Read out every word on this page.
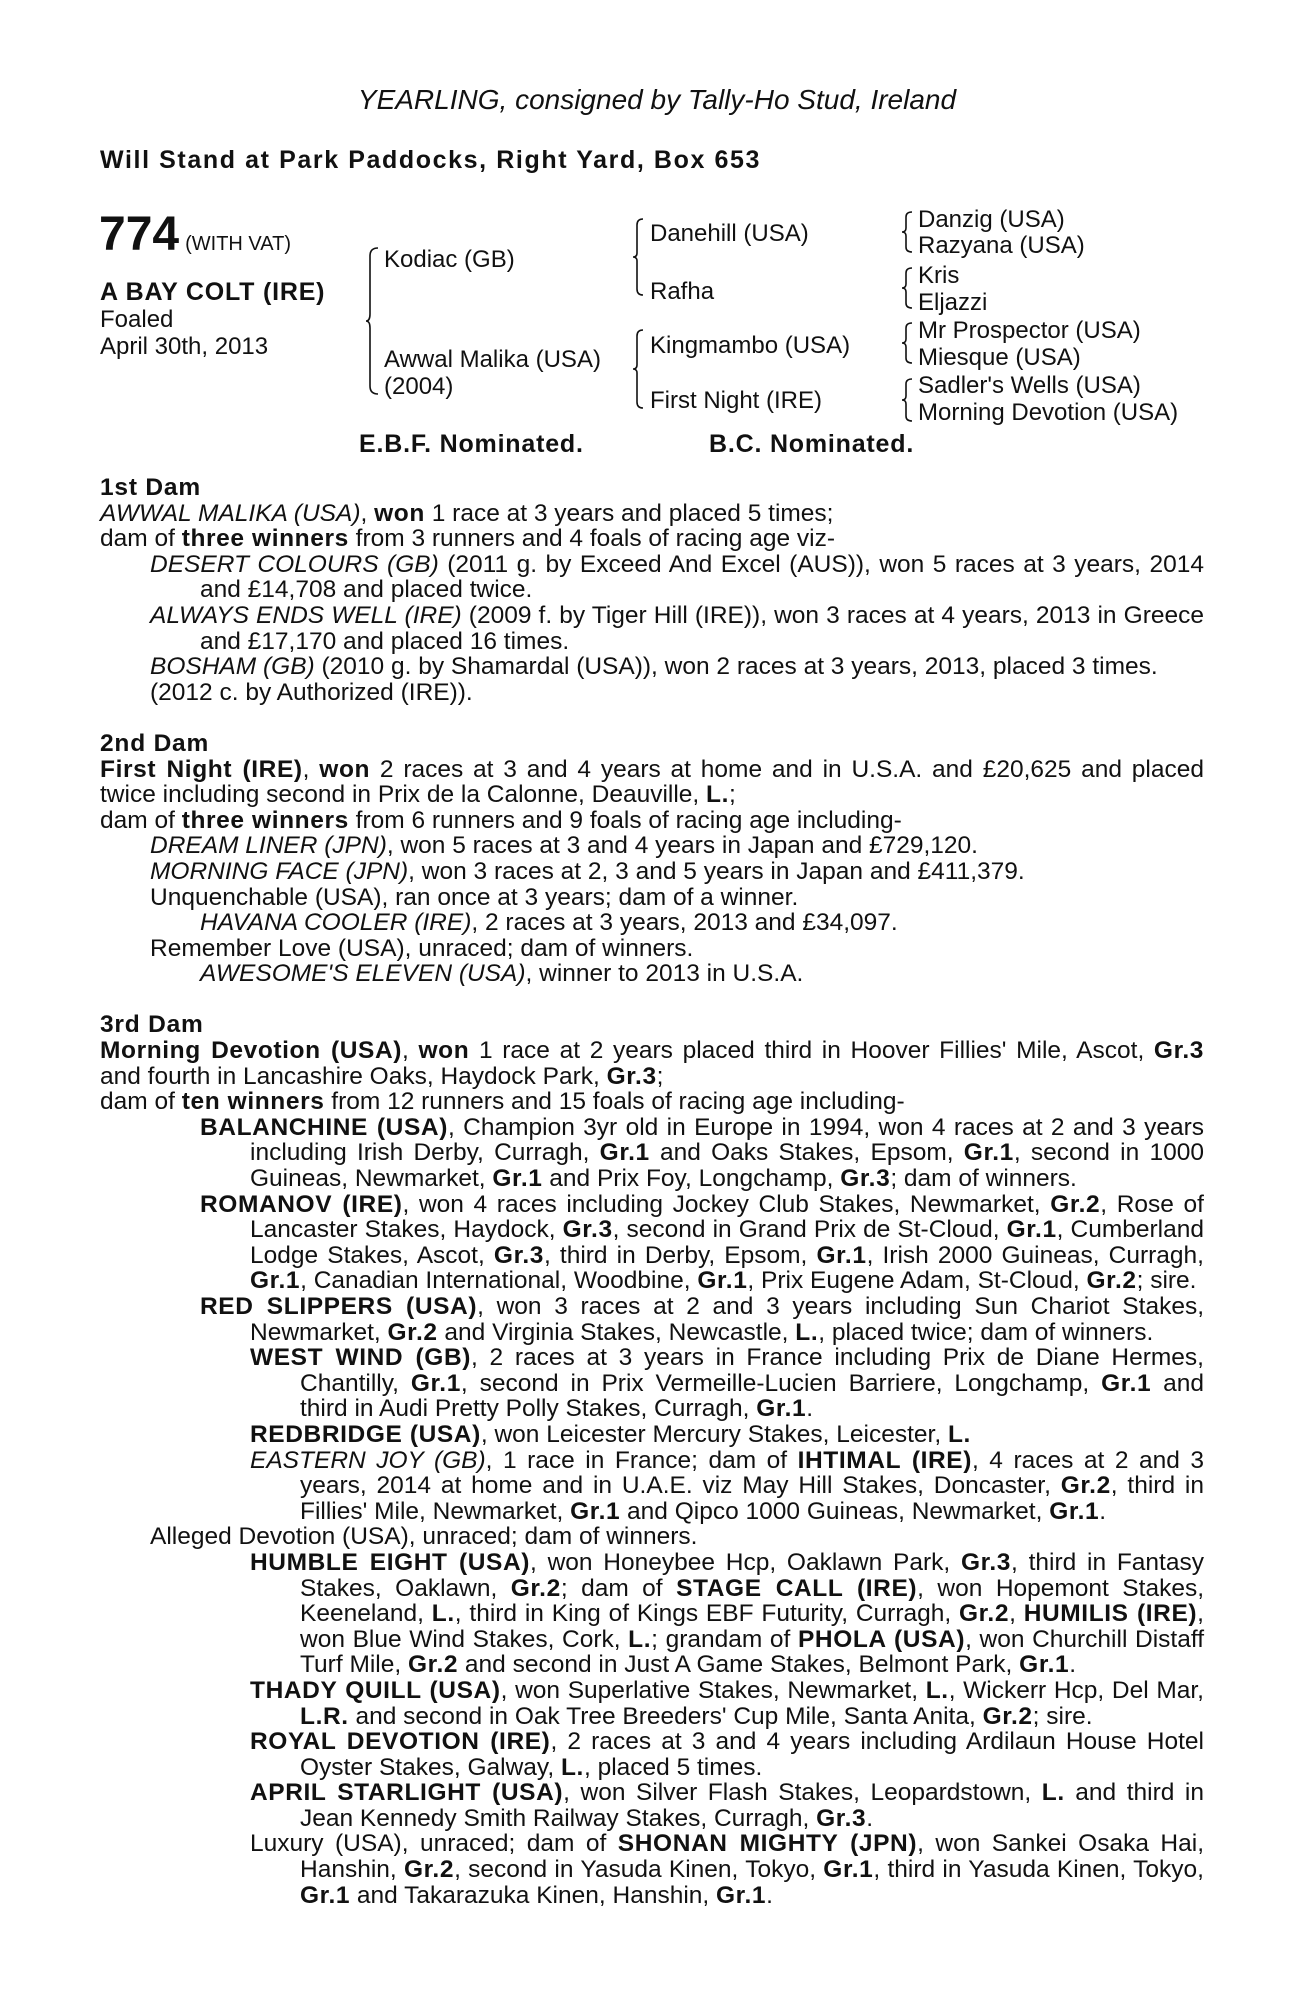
YEARLING, consigned by Tally-Ho Stud, Ireland
Will Stand at Park Paddocks, Right Yard, Box 653
774 (WITH VAT)
A BAY COLT (IRE)
Foaled
April 30th, 2013
Kodiac (GB)
Awwal Malika (USA)
(2004)
Danehill (USA)
Rafha
Kingmambo (USA)
First Night (IRE)
Danzig (USA)
Razyana (USA)
Kris
Eljazzi
Mr Prospector (USA)
Miesque (USA)
Sadler's Wells (USA)
Morning Devotion (USA)
E.B.F. Nominated.	B.C. Nominated.
1st Dam
AWWAL MALIKA (USA), won 1 race at 3 years and placed 5 times;
dam of three winners from 3 runners and 4 foals of racing age viz-
DESERT COLOURS (GB) (2011 g. by Exceed And Excel (AUS)), won 5 races at 3 years, 2014 and £14,708 and placed twice.
ALWAYS ENDS WELL (IRE) (2009 f. by Tiger Hill (IRE)), won 3 races at 4 years, 2013 in Greece and £17,170 and placed 16 times.
BOSHAM (GB) (2010 g. by Shamardal (USA)), won 2 races at 3 years, 2013, placed 3 times.
(2012 c. by Authorized (IRE)).
2nd Dam
First Night (IRE), won 2 races at 3 and 4 years at home and in U.S.A. and £20,625 and placed twice including second in Prix de la Calonne, Deauville, L.;
dam of three winners from 6 runners and 9 foals of racing age including-
DREAM LINER (JPN), won 5 races at 3 and 4 years in Japan and £729,120.
MORNING FACE (JPN), won 3 races at 2, 3 and 5 years in Japan and £411,379.
Unquenchable (USA), ran once at 3 years; dam of a winner.
HAVANA COOLER (IRE), 2 races at 3 years, 2013 and £34,097.
Remember Love (USA), unraced; dam of winners.
AWESOME'S ELEVEN (USA), winner to 2013 in U.S.A.
3rd Dam
Morning Devotion (USA), won 1 race at 2 years placed third in Hoover Fillies' Mile, Ascot, Gr.3 and fourth in Lancashire Oaks, Haydock Park, Gr.3;
dam of ten winners from 12 runners and 15 foals of racing age including-
BALANCHINE (USA), Champion 3yr old in Europe in 1994, won 4 races at 2 and 3 years including Irish Derby, Curragh, Gr.1 and Oaks Stakes, Epsom, Gr.1, second in 1000 Guineas, Newmarket, Gr.1 and Prix Foy, Longchamp, Gr.3; dam of winners.
ROMANOV (IRE), won 4 races including Jockey Club Stakes, Newmarket, Gr.2, Rose of Lancaster Stakes, Haydock, Gr.3, second in Grand Prix de St-Cloud, Gr.1, Cumberland Lodge Stakes, Ascot, Gr.3, third in Derby, Epsom, Gr.1, Irish 2000 Guineas, Curragh, Gr.1, Canadian International, Woodbine, Gr.1, Prix Eugene Adam, St-Cloud, Gr.2; sire.
RED SLIPPERS (USA), won 3 races at 2 and 3 years including Sun Chariot Stakes, Newmarket, Gr.2 and Virginia Stakes, Newcastle, L., placed twice; dam of winners.
WEST WIND (GB), 2 races at 3 years in France including Prix de Diane Hermes, Chantilly, Gr.1, second in Prix Vermeille-Lucien Barriere, Longchamp, Gr.1 and third in Audi Pretty Polly Stakes, Curragh, Gr.1.
REDBRIDGE (USA), won Leicester Mercury Stakes, Leicester, L.
EASTERN JOY (GB), 1 race in France; dam of IHTIMAL (IRE), 4 races at 2 and 3 years, 2014 at home and in U.A.E. viz May Hill Stakes, Doncaster, Gr.2, third in Fillies' Mile, Newmarket, Gr.1 and Qipco 1000 Guineas, Newmarket, Gr.1.
Alleged Devotion (USA), unraced; dam of winners.
HUMBLE EIGHT (USA), won Honeybee Hcp, Oaklawn Park, Gr.3, third in Fantasy Stakes, Oaklawn, Gr.2; dam of STAGE CALL (IRE), won Hopemont Stakes, Keeneland, L., third in King of Kings EBF Futurity, Curragh, Gr.2, HUMILIS (IRE), won Blue Wind Stakes, Cork, L.; grandam of PHOLA (USA), won Churchill Distaff Turf Mile, Gr.2 and second in Just A Game Stakes, Belmont Park, Gr.1.
THADY QUILL (USA), won Superlative Stakes, Newmarket, L., Wickerr Hcp, Del Mar, L.R. and second in Oak Tree Breeders' Cup Mile, Santa Anita, Gr.2; sire.
ROYAL DEVOTION (IRE), 2 races at 3 and 4 years including Ardilaun House Hotel Oyster Stakes, Galway, L., placed 5 times.
APRIL STARLIGHT (USA), won Silver Flash Stakes, Leopardstown, L. and third in Jean Kennedy Smith Railway Stakes, Curragh, Gr.3.
Luxury (USA), unraced; dam of SHONAN MIGHTY (JPN), won Sankei Osaka Hai, Hanshin, Gr.2, second in Yasuda Kinen, Tokyo, Gr.1, third in Yasuda Kinen, Tokyo, Gr.1 and Takarazuka Kinen, Hanshin, Gr.1.
